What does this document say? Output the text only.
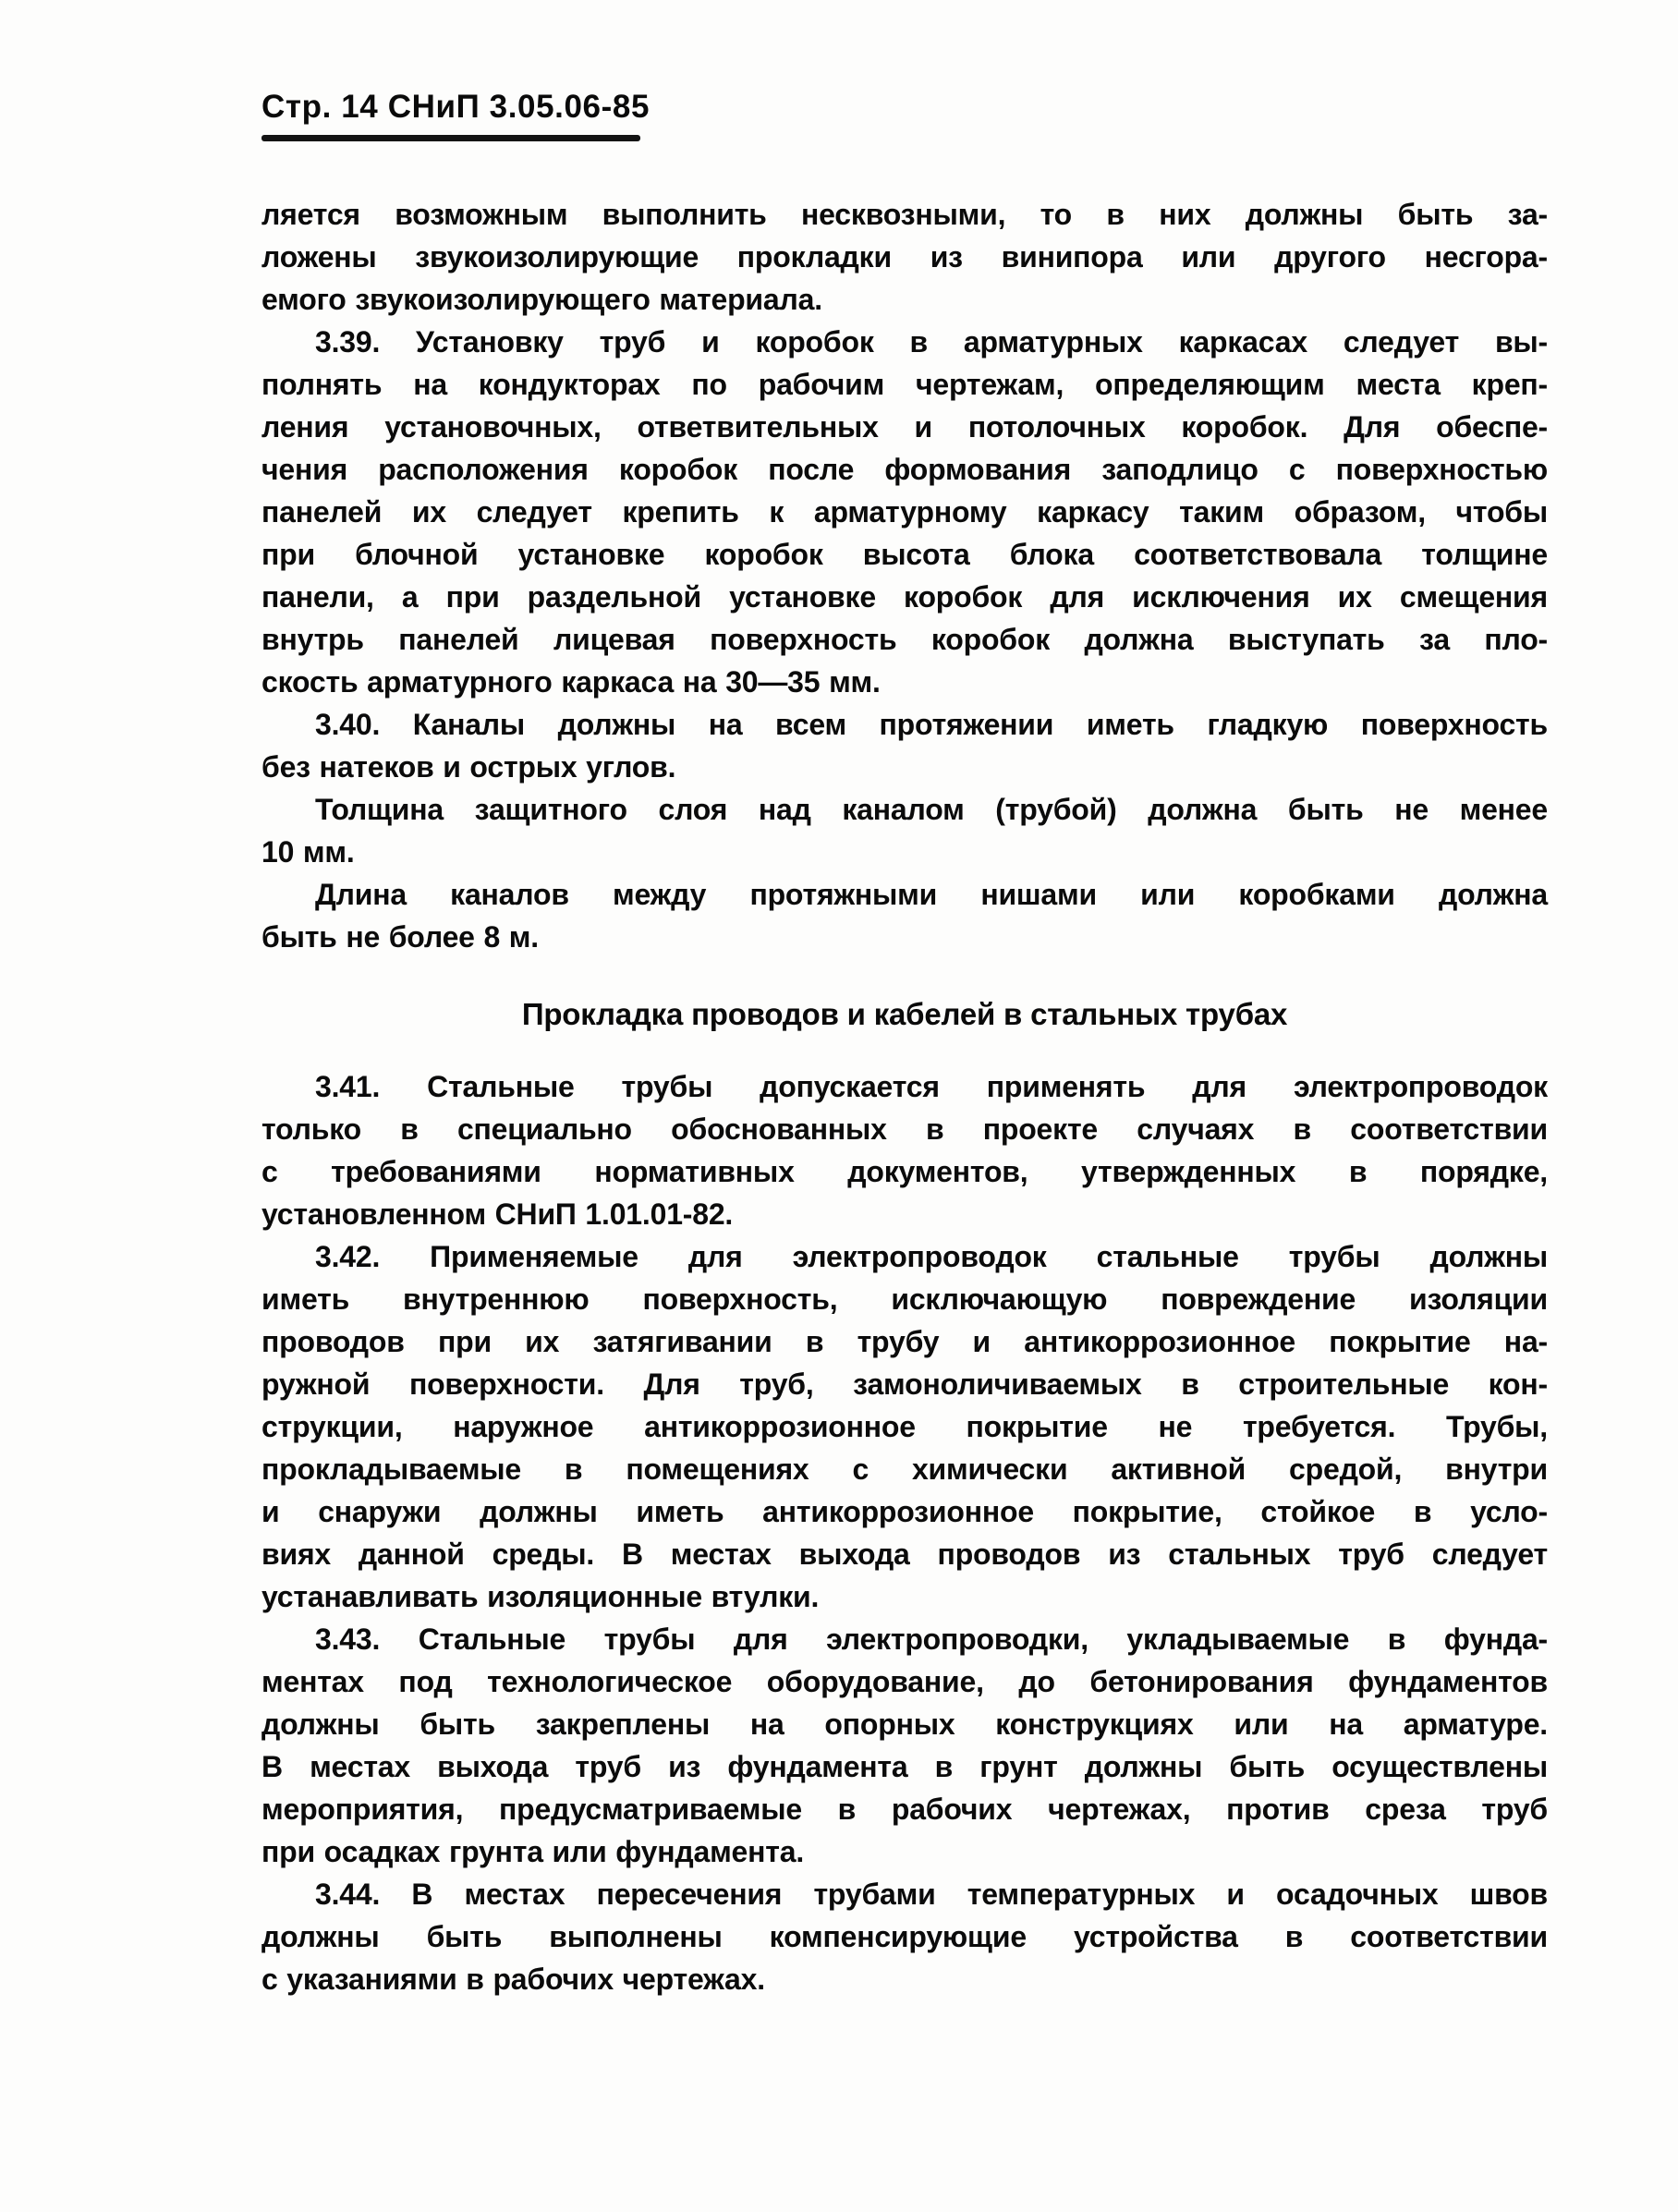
Стр. 14 СНиП 3.05.06-85
ляется возможным выполнить несквозными, то в них должны быть за-
ложены звукоизолирующие прокладки из винипора или другого несгора-
емого звукоизолирующего материала.
3.39. Установку труб и коробок в арматурных каркасах следует вы-
полнять на кондукторах по рабочим чертежам, определяющим места креп-
ления установочных, ответвительных и потолочных коробок. Для обеспе-
чения расположения коробок после формования заподлицо с поверхностью
панелей их следует крепить к арматурному каркасу таким образом, чтобы
при блочной установке коробок высота блока соответствовала толщине
панели, а при раздельной установке коробок для исключения их смещения
внутрь панелей лицевая поверхность коробок должна выступать за пло-
скость арматурного каркаса на 30—35 мм.
3.40. Каналы должны на всем протяжении иметь гладкую поверхность
без натеков и острых углов.
Толщина защитного слоя над каналом (трубой) должна быть не менее
10 мм.
Длина каналов между протяжными нишами или коробками должна
быть не более 8 м.
Прокладка проводов и кабелей в стальных трубах
3.41. Стальные трубы допускается применять для электропроводок
только в специально обоснованных в проекте случаях в соответствии
с требованиями нормативных документов, утвержденных в порядке,
установленном СНиП 1.01.01-82.
3.42. Применяемые для электропроводок стальные трубы должны
иметь внутреннюю поверхность, исключающую повреждение изоляции
проводов при их затягивании в трубу и антикоррозионное покрытие на-
ружной поверхности. Для труб, замоноличиваемых в строительные кон-
струкции, наружное антикоррозионное покрытие не требуется. Трубы,
прокладываемые в помещениях с химически активной средой, внутри
и снаружи должны иметь антикоррозионное покрытие, стойкое в усло-
виях данной среды. В местах выхода проводов из стальных труб следует
устанавливать изоляционные втулки.
3.43. Стальные трубы для электропроводки, укладываемые в фунда-
ментах под технологическое оборудование, до бетонирования фундаментов
должны быть закреплены на опорных конструкциях или на арматуре.
В местах выхода труб из фундамента в грунт должны быть осуществлены
мероприятия, предусматриваемые в рабочих чертежах, против среза труб
при осадках грунта или фундамента.
3.44. В местах пересечения трубами температурных и осадочных швов
должны быть выполнены компенсирующие устройства в соответствии
с указаниями в рабочих чертежах.
